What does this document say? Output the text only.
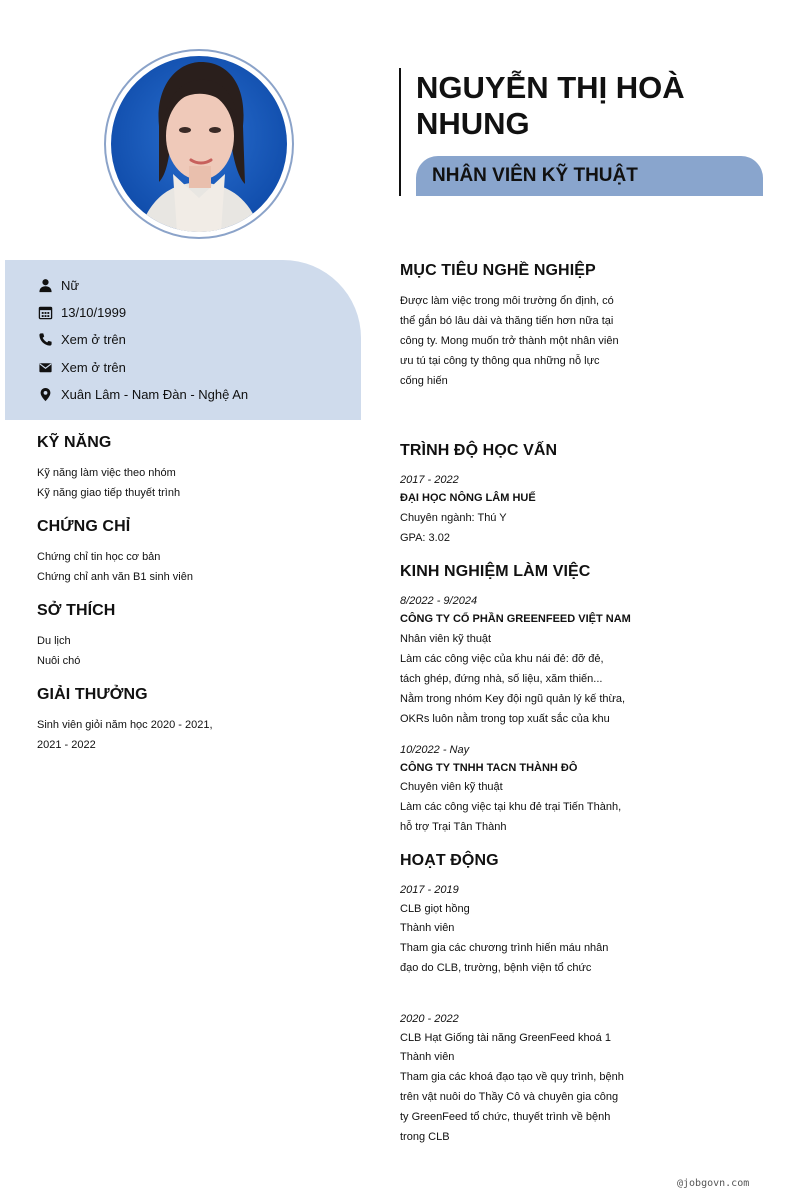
NGUYỄN THỊ HOÀ NHUNG
NHÂN VIÊN KỸ THUẬT
Nữ
13/10/1999
Xem ở trên
Xem ở trên
Xuân Lâm - Nam Đàn - Nghệ An
KỸ NĂNG
Kỹ năng làm việc theo nhóm
Kỹ năng giao tiếp thuyết trình
CHỨNG CHỈ
Chứng chỉ tin học cơ bản
Chứng chỉ anh văn B1 sinh viên
SỞ THÍCH
Du lịch
Nuôi chó
GIẢI THƯỞNG
Sinh viên giỏi năm học 2020 - 2021,
2021 - 2022
MỤC TIÊU NGHỀ NGHIỆP
Được làm việc trong môi trường ổn định, có
thể gắn bó lâu dài và thăng tiến hơn nữa tại
công ty. Mong muốn trở thành một nhân viên
ưu tú tại công ty thông qua những nỗ lực
cống hiến
TRÌNH ĐỘ HỌC VẤN
2017 - 2022
ĐẠI HỌC NÔNG LÂM HUẾ
Chuyên ngành: Thú Y
GPA: 3.02
KINH NGHIỆM LÀM VIỆC
8/2022 - 9/2024
CÔNG TY CỔ PHẦN GREENFEED VIỆT NAM
Nhân viên kỹ thuật
Làm các công việc của khu nái đẻ: đỡ đẻ,
tách ghép, đứng nhà, số liệu, xăm thiến...
Nằm trong nhóm Key đội ngũ quản lý kế thừa,
OKRs luôn nằm trong top xuất sắc của khu
10/2022 - Nay
CÔNG TY TNHH TACN THÀNH ĐÔ
Chuyên viên kỹ thuật
Làm các công việc tại khu đẻ trại Tiến Thành,
hỗ trợ Trại Tân Thành
HOẠT ĐỘNG
2017 - 2019
CLB giọt hồng
Thành viên
Tham gia các chương trình hiến máu nhân
đạo do CLB, trường, bệnh viện tổ chức
2020 - 2022
CLB Hạt Giống tài năng GreenFeed khoá 1
Thành viên
Tham gia các khoá đạo tạo về quy trình, bệnh
trên vật nuôi do Thầy Cô và chuyên gia công
ty GreenFeed tổ chức, thuyết trình về bệnh
trong CLB
@jobgovn.com
